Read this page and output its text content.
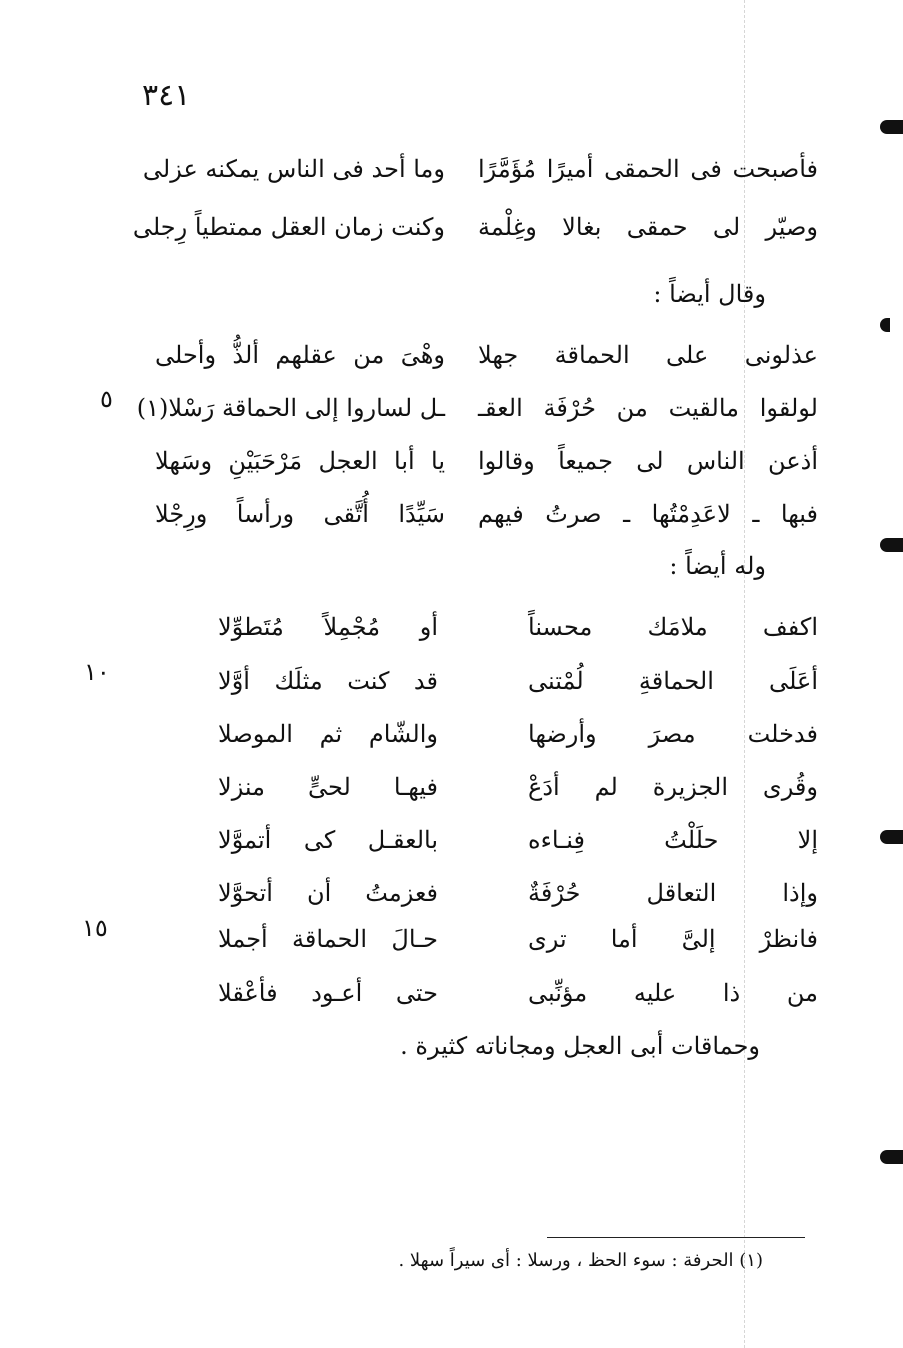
٣٤١
فأصبحت فى الحمقى أميرًا مُؤَمَّرًا
وما أحد فى الناس يمكنه عزلى
وصيّر لى حمقى بغالا وغِلْمة
وكنت زمان العقل ممتطياً رِجلى
وقال أيضاً :
عذلونى على الحماقة جهلا
وهْىَ من عقلهم ألذُّ وأحلى
لولقوا مالقيت من حُرْفَة العقـ
ـل لساروا إلى الحماقة رَسْلا(١)
٥
أذعن الناس لى جميعاً وقالوا
يا أبا العجل مَرْحَبَيْنِ وسَهلا
فبها ـ لاعَدِمْتُها ـ صرتُ فيهم
سَيِّدًا أُتَّقى ورأساً ورِجْلا
وله أيضاً :
اكفف ملامَك محسناً
أو مُجْمِلاً مُتَطوِّلا
أعَلَى الحماقةِ لُمْتنى
قد كنت مثلَك أوَّلا
١٠
فدخلت مصرَ وأرضها
والشّام ثم الموصلا
وقُرى الجزيرة لم أدَعْ
فيهـا لحىٍّ منزلا
إلا حلَلْتُ فِنـاءه
بالعقـل كى أتموَّلا
وإذا التعاقل حُرْفَةٌ
فعزمتُ أن أتحوَّلا
فانظرْ إلىَّ أما ترى
حـالَ الحماقة أجملا
١٥
من ذا عليه مؤنِّبى
حتى أعـود فأعْقلا
وحماقات أبى العجل ومجاناته كثيرة .
(١) الحرفة : سوء الحظ ، ورسلا : أى سيراً سهلا .
